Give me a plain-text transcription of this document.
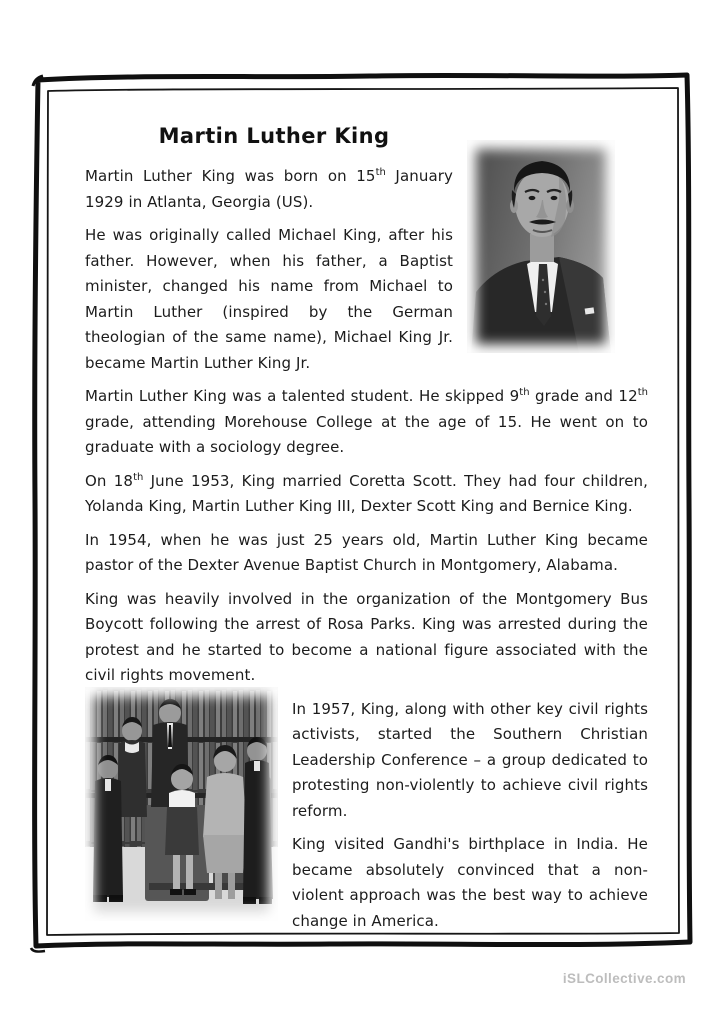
Martin Luther King

Martin Luther King was born on 15th January 1929 in Atlanta, Georgia (US).

He was originally called Michael King, after his father. However, when his father, a Baptist minister, changed his name from Michael to Martin Luther (inspired by the German theologian of the same name), Michael King Jr. became Martin Luther King Jr.

Martin Luther King was a talented student. He skipped 9th grade and 12th grade, attending Morehouse College at the age of 15. He went on to graduate with a sociology degree.

On 18th June 1953, King married Coretta Scott. They had four children, Yolanda King, Martin Luther King III, Dexter Scott King and Bernice King.

In 1954, when he was just 25 years old, Martin Luther King became pastor of the Dexter Avenue Baptist Church in Montgomery, Alabama.

King was heavily involved in the organization of the Montgomery Bus Boycott following the arrest of Rosa Parks. King was arrested during the protest and he started to become a national figure associated with the civil rights movement.

In 1957, King, along with other key civil rights activists, started the Southern Christian Leadership Conference – a group dedicated to protesting non-violently to achieve civil rights reform.

King visited Gandhi's birthplace in India. He became absolutely convinced that a non-violent approach was the best way to achieve change in America.

iSLCollective.com
